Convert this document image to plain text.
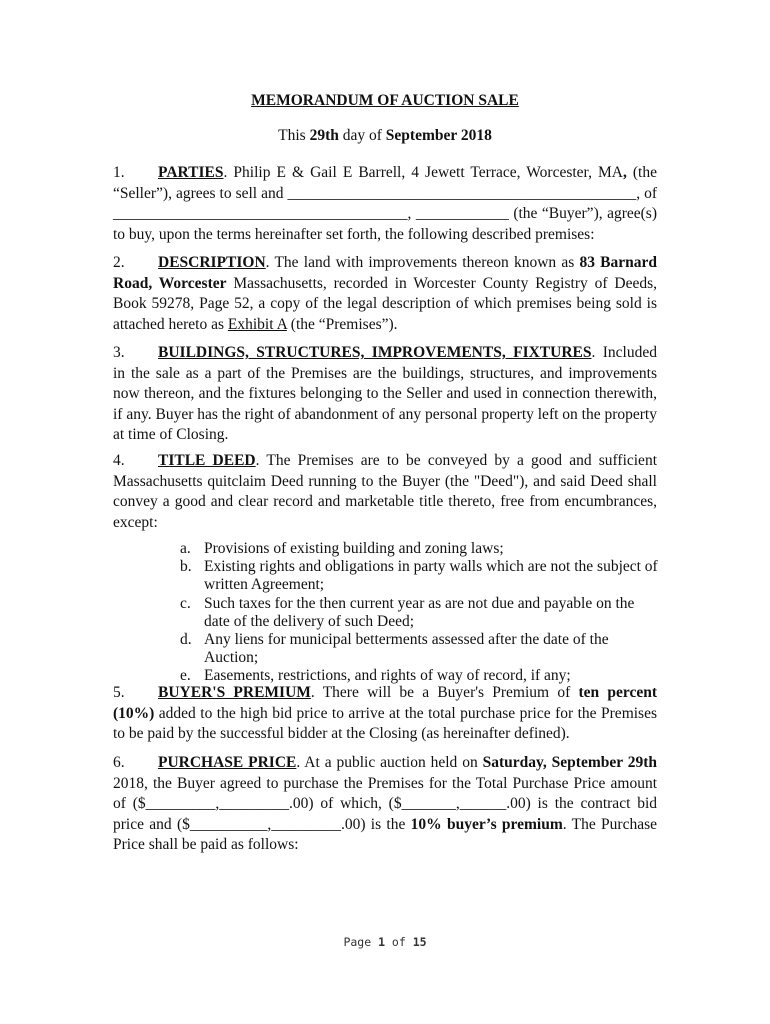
MEMORANDUM OF AUCTION SALE
This 29th day of September 2018

1. PARTIES. Philip E & Gail E Barrell, 4 Jewett Terrace, Worcester, MA, (the “Seller”), agrees to sell and _____________________________________________, of ______________________________________, ____________ (the “Buyer”), agree(s) to buy, upon the terms hereinafter set forth, the following described premises:

2. DESCRIPTION. The land with improvements thereon known as 83 Barnard Road, Worcester Massachusetts, recorded in Worcester County Registry of Deeds, Book 59278, Page 52, a copy of the legal description of which premises being sold is attached hereto as Exhibit A (the “Premises”).

3. BUILDINGS, STRUCTURES, IMPROVEMENTS, FIXTURES. Included in the sale as a part of the Premises are the buildings, structures, and improvements now thereon, and the fixtures belonging to the Seller and used in connection therewith, if any. Buyer has the right of abandonment of any personal property left on the property at time of Closing.

4. TITLE DEED. The Premises are to be conveyed by a good and sufficient Massachusetts quitclaim Deed running to the Buyer (the "Deed"), and said Deed shall convey a good and clear record and marketable title thereto, free from encumbrances, except:

a. Provisions of existing building and zoning laws;
b. Existing rights and obligations in party walls which are not the subject of written Agreement;
c. Such taxes for the then current year as are not due and payable on the date of the delivery of such Deed;
d. Any liens for municipal betterments assessed after the date of the Auction;
e. Easements, restrictions, and rights of way of record, if any;

5. BUYER'S PREMIUM. There will be a Buyer's Premium of ten percent (10%) added to the high bid price to arrive at the total purchase price for the Premises to be paid by the successful bidder at the Closing (as hereinafter defined).

6. PURCHASE PRICE. At a public auction held on Saturday, September 29th 2018, the Buyer agreed to purchase the Premises for the Total Purchase Price amount of ($_________,_________.00) of which, ($_______,______.00) is the contract bid price and ($__________,_________.00) is the 10% buyer’s premium. The Purchase Price shall be paid as follows:

Page 1 of 15
